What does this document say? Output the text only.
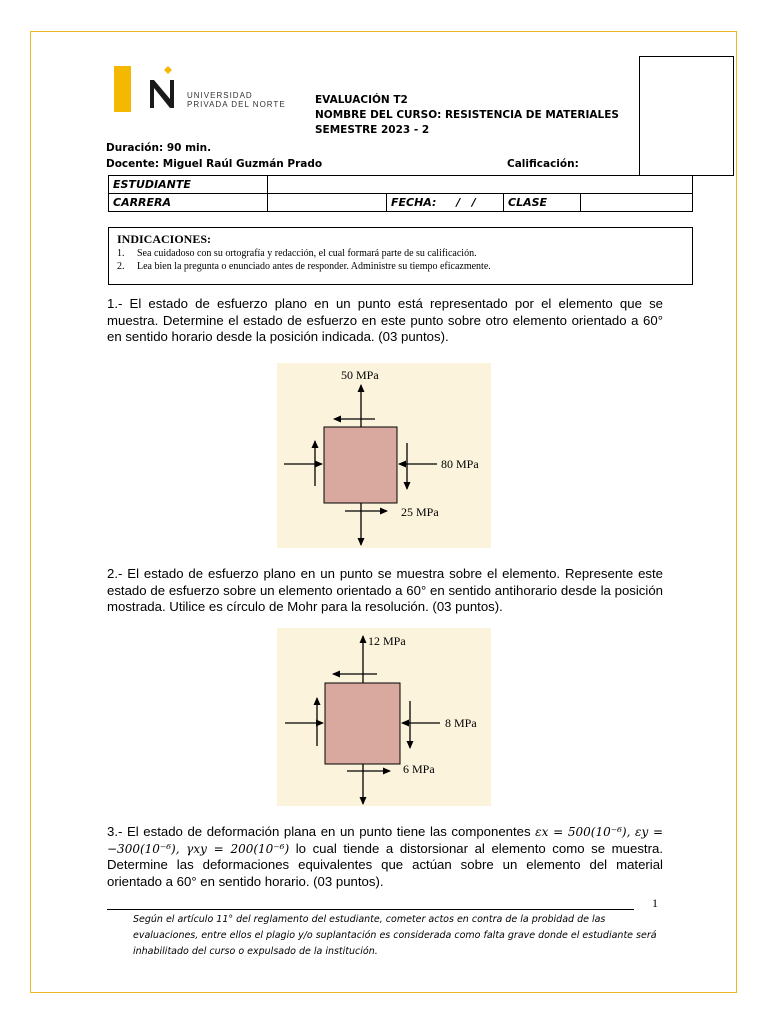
UNIVERSIDAD
PRIVADA DEL NORTE	EVALUACIÓN T2
NOMBRE DEL CURSO: RESISTENCIA DE MATERIALES
SEMESTRE 2023 - 2
Duración: 90 min.
Docente: Miguel Raúl Guzmán Prado	Calificación:
ESTUDIANTE				
CARRERA		FECHA: /   /	CLASE	
INDICACIONES:
1. Sea cuidadoso con su ortografía y redacción, el cual formará parte de su calificación.
2. Lea bien la pregunta o enunciado antes de responder. Administre su tiempo eficazmente.
1.- El estado de esfuerzo plano en un punto está representado por el elemento que se muestra. Determine el estado de esfuerzo en este punto sobre otro elemento orientado a 60° en sentido horario desde la posición indicada. (03 puntos).
50 MPa
80 MPa
25 MPa
2.- El estado de esfuerzo plano en un punto se muestra sobre el elemento. Represente este estado de esfuerzo sobre un elemento orientado a 60° en sentido antihorario desde la posición mostrada. Utilice es círculo de Mohr para la resolución. (03 puntos).
12 MPa
8 MPa
6 MPa
3.- El estado de deformación plana en un punto tiene las componentes εx = 500(10⁻⁶), εy = −300(10⁻⁶), γxy = 200(10⁻⁶) lo cual tiende a distorsionar al elemento como se muestra. Determine las deformaciones equivalentes que actúan sobre un elemento del material orientado a 60° en sentido horario. (03 puntos).
1
Según el artículo 11° del reglamento del estudiante, cometer actos en contra de la probidad de las evaluaciones, entre ellos el plagio y/o suplantación es considerada como falta grave donde el estudiante será inhabilitado del curso o expulsado de la institución.
